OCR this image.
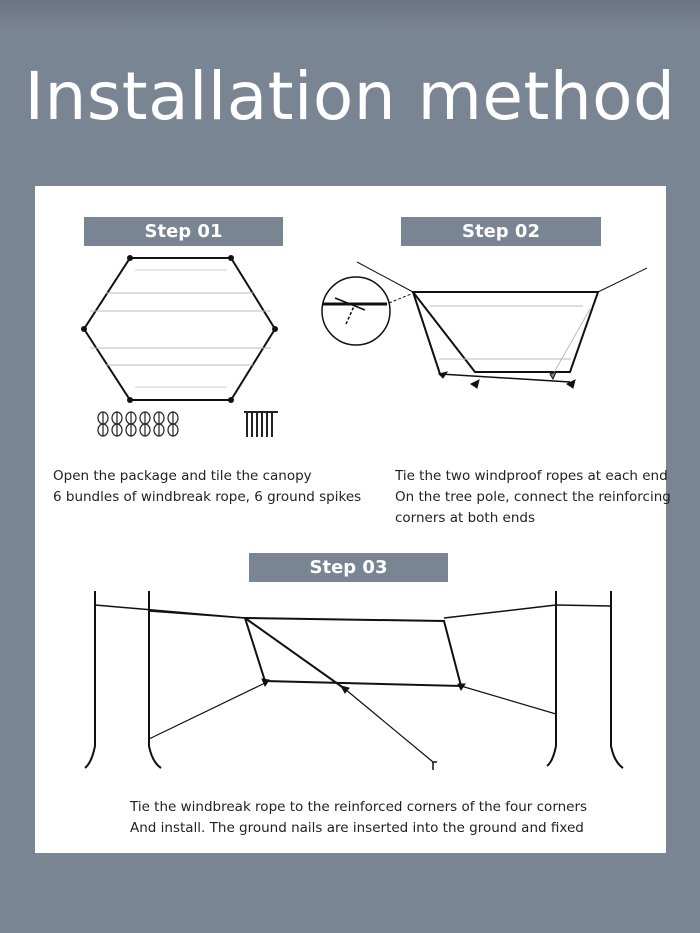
Installation method
Step 01	Step 02
Step 03
Open the package and tile the canopy
6 bundles of windbreak rope, 6 ground spikes
Tie the two windproof ropes at each end
On the tree pole, connect the reinforcing
corners at both ends
Tie the windbreak rope to the reinforced corners of the four corners
And install. The ground nails are inserted into the ground and fixed
